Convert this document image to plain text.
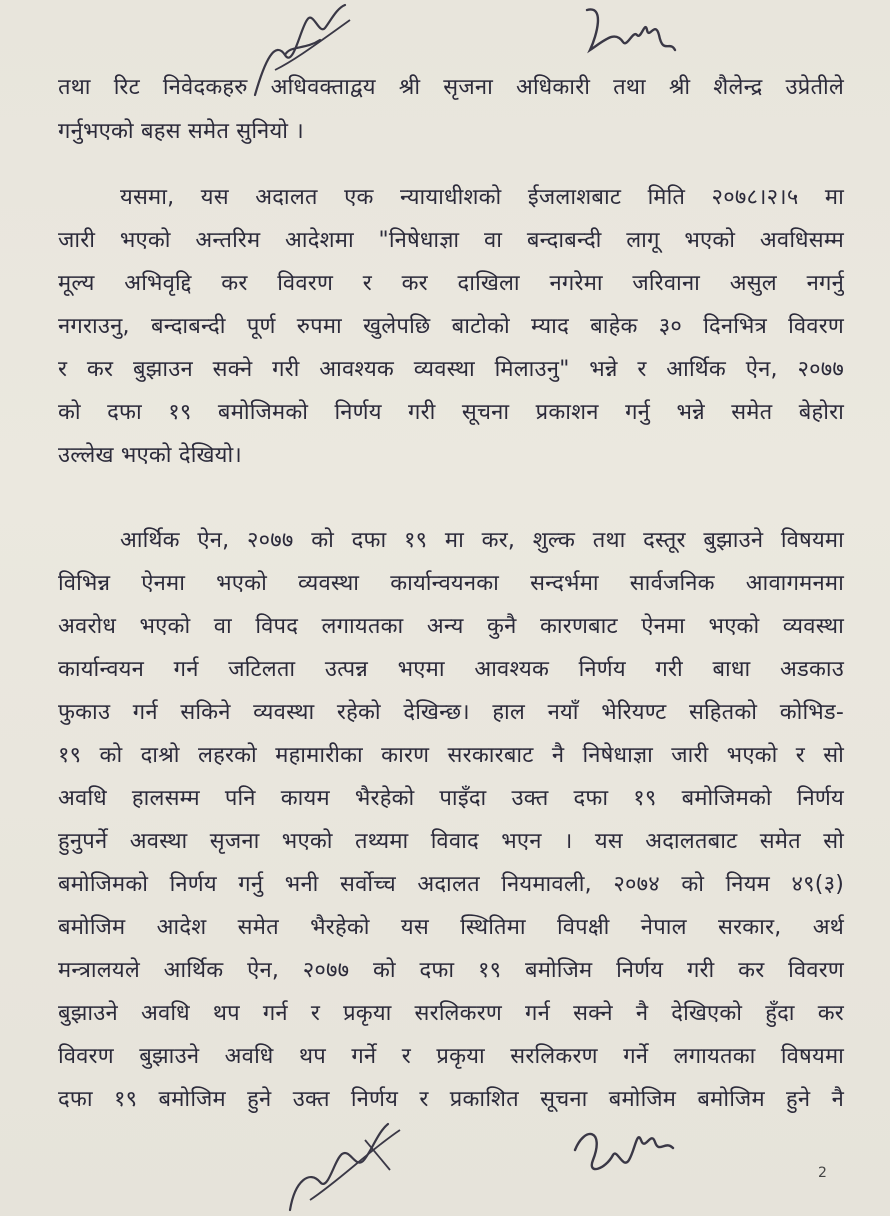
तथा रिट निवेदकहरु अधिवक्ताद्वय श्री सृजना अधिकारी तथा श्री शैलेन्द्र उप्रेतीले
गर्नुभएको बहस समेत सुनियो ।
यसमा, यस अदालत एक न्यायाधीशको ईजलाशबाट मिति २०७८।२।५ मा
जारी भएको अन्तरिम आदेशमा "निषेधाज्ञा वा बन्दाबन्दी लागू भएको अवधिसम्म
मूल्य अभिवृद्दि कर विवरण र कर दाखिला नगरेमा जरिवाना असुल नगर्नु
नगराउनु, बन्दाबन्दी पूर्ण रुपमा खुलेपछि बाटोको म्याद बाहेक ३० दिनभित्र विवरण
र कर बुझाउन सक्ने गरी आवश्यक व्यवस्था मिलाउनु" भन्ने र आर्थिक ऐन, २०७७
को दफा १९ बमोजिमको निर्णय गरी सूचना प्रकाशन गर्नु भन्ने समेत बेहोरा
उल्लेख भएको देखियो।
आर्थिक ऐन, २०७७ को दफा १९ मा कर, शुल्क तथा दस्तूर बुझाउने विषयमा
विभिन्न ऐनमा भएको व्यवस्था कार्यान्वयनका सन्दर्भमा सार्वजनिक आवागमनमा
अवरोध भएको वा विपद लगायतका अन्य कुनै कारणबाट ऐनमा भएको व्यवस्था
कार्यान्वयन गर्न जटिलता उत्पन्न भएमा आवश्यक निर्णय गरी बाधा अडकाउ
फुकाउ गर्न सकिने व्यवस्था रहेको देखिन्छ। हाल नयाँ भेरियण्ट सहितको कोभिड-
१९ को दाश्रो लहरको महामारीका कारण सरकारबाट नै निषेधाज्ञा जारी भएको र सो
अवधि हालसम्म पनि कायम भैरहेको पाइँदा उक्त दफा १९ बमोजिमको निर्णय
हुनुपर्ने अवस्था सृजना भएको तथ्यमा विवाद भएन । यस अदालतबाट समेत सो
बमोजिमको निर्णय गर्नु भनी सर्वोच्च अदालत नियमावली, २०७४ को नियम ४९(३)
बमोजिम आदेश समेत भैरहेको यस स्थितिमा विपक्षी नेपाल सरकार, अर्थ
मन्त्रालयले आर्थिक ऐन, २०७७ को दफा १९ बमोजिम निर्णय गरी कर विवरण
बुझाउने अवधि थप गर्न र प्रकृया सरलिकरण गर्न सक्ने नै देखिएकाे हुँदा कर
विवरण बुझाउने अवधि थप गर्ने र प्रकृया सरलिकरण गर्ने लगायतका विषयमा
दफा १९ बमोजिम हुने उक्त निर्णय र प्रकाशित सूचना बमोजिम बमोजिम हुने नै
2
